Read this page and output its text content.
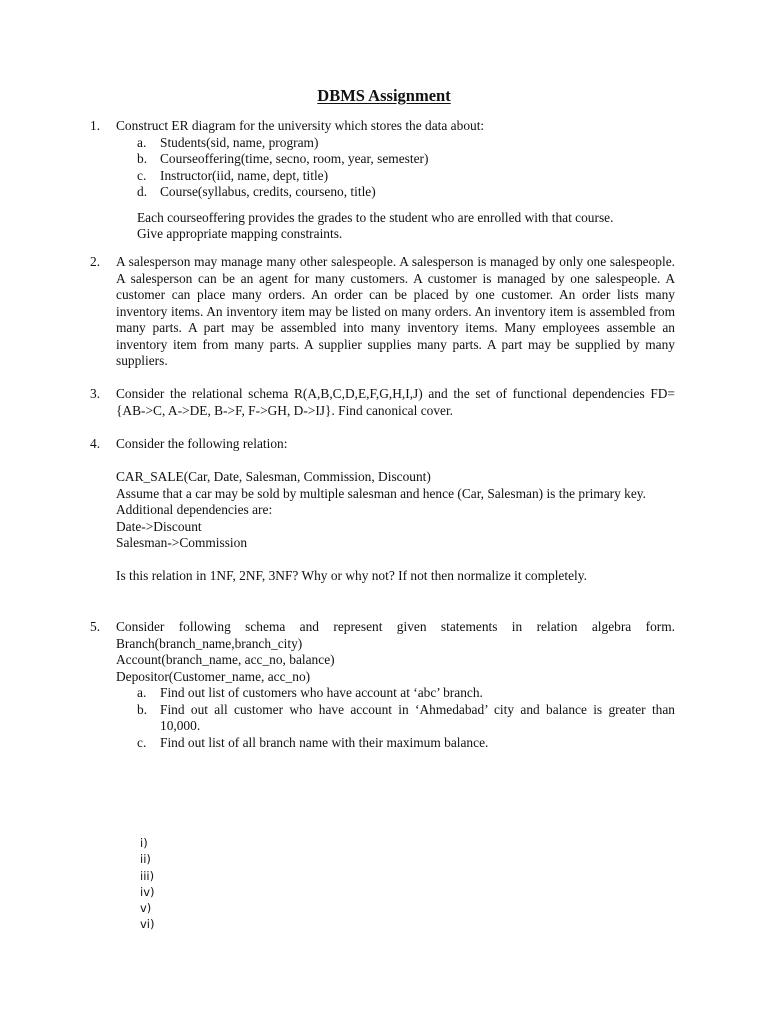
DBMS Assignment
1. Construct ER diagram for the university which stores the data about:
a. Students(sid, name, program)
b. Courseoffering(time, secno, room, year, semester)
c. Instructor(iid, name, dept, title)
d. Course(syllabus, credits, courseno, title)
Each courseoffering provides the grades to the student who are enrolled with that course.
Give appropriate mapping constraints.
2. A salesperson may manage many other salespeople. A salesperson is managed by only one salespeople. A salesperson can be an agent for many customers. A customer is managed by one salespeople. A customer can place many orders. An order can be placed by one customer. An order lists many inventory items. An inventory item may be listed on many orders. An inventory item is assembled from many parts. A part may be assembled into many inventory items. Many employees assemble an inventory item from many parts. A supplier supplies many parts. A part may be supplied by many suppliers.
3. Consider the relational schema R(A,B,C,D,E,F,G,H,I,J) and the set of functional dependencies FD={AB->C, A->DE, B->F, F->GH, D->IJ}. Find canonical cover.
4. Consider the following relation:
CAR_SALE(Car, Date, Salesman, Commission, Discount)
Assume that a car may be sold by multiple salesman and hence (Car, Salesman) is the primary key.
Additional dependencies are:
Date->Discount
Salesman->Commission
Is this relation in 1NF, 2NF, 3NF? Why or why not? If not then normalize it completely.
5. Consider following schema and represent given statements in relation algebra form.
Branch(branch_name,branch_city)
Account(branch_name, acc_no, balance)
Depositor(Customer_name, acc_no)
a. Find out list of customers who have account at ‘abc’ branch.
b. Find out all customer who have account in ‘Ahmedabad’ city and balance is greater than 10,000.
c. Find out list of all branch name with their maximum balance.
i)
ii)
iii)
iv)
v)
vi)
